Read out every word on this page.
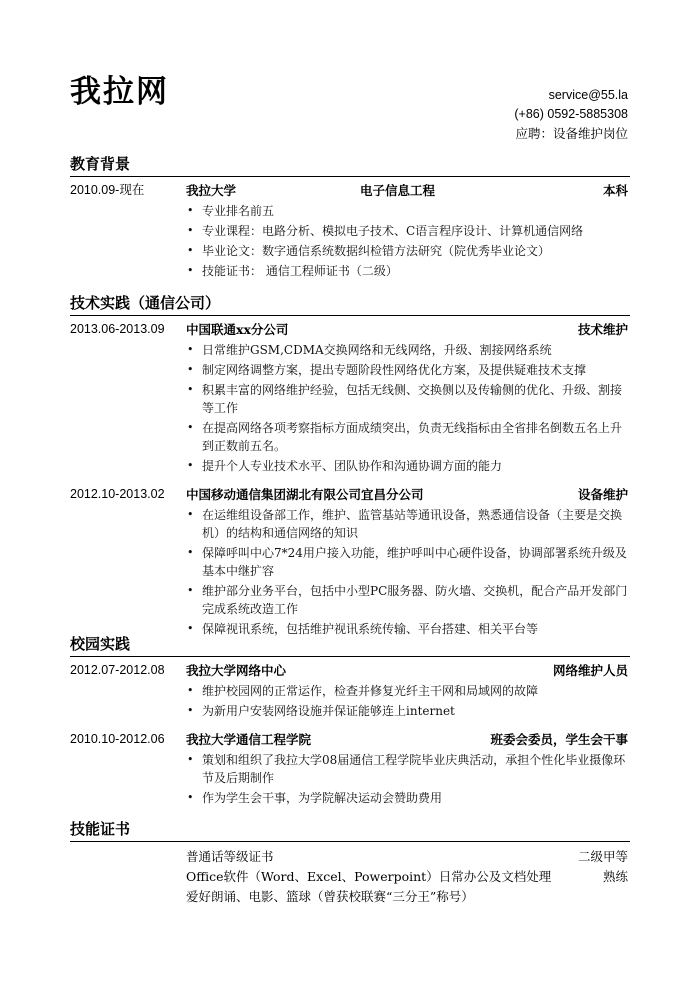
我拉网	service@55.la
(+86) 0592-5885308
应聘：设备维护岗位
教育背景
2010.09-现在	我拉大学	电子信息工程	本科
• 专业排名前五
• 专业课程：电路分析、模拟电子技术、C语言程序设计、计算机通信网络
• 毕业论文：数字通信系统数据纠检错方法研究（院优秀毕业论文）
• 技能证书： 通信工程师证书（二级）
技术实践（通信公司）
2013.06-2013.09 中国联通xx分公司	技术维护
• 日常维护GSM,CDMA交换网络和无线网络，升级、割接网络系统
• 制定网络调整方案，提出专题阶段性网络优化方案，及提供疑难技术支撑
• 积累丰富的网络维护经验，包括无线侧、交换侧以及传输侧的优化、升级、割接等工作
• 在提高网络各项考察指标方面成绩突出，负责无线指标由全省排名倒数五名上升到正数前五名。
• 提升个人专业技术水平、团队协作和沟通协调方面的能力
2012.10-2013.02 中国移动通信集团湖北有限公司宜昌分公司	设备维护
• 在运维组设备部工作，维护、监管基站等通讯设备，熟悉通信设备（主要是交换机）的结构和通信网络的知识
• 保障呼叫中心7*24用户接入功能，维护呼叫中心硬件设备，协调部署系统升级及基本中继扩容
• 维护部分业务平台，包括中小型PC服务器、防火墙、交换机，配合产品开发部门完成系统改造工作
• 保障视讯系统，包括维护视讯系统传输、平台搭建、相关平台等
校园实践
2012.07-2012.08 我拉大学网络中心	网络维护人员
• 维护校园网的正常运作，检查并修复光纤主干网和局域网的故障
• 为新用户安装网络设施并保证能够连上internet
2010.10-2012.06 我拉大学通信工程学院	班委会委员，学生会干事
• 策划和组织了我拉大学08届通信工程学院毕业庆典活动，承担个性化毕业摄像环节及后期制作
• 作为学生会干事，为学院解决运动会赞助费用
技能证书
普通话等级证书	二级甲等
Office软件（Word、Excel、Powerpoint）日常办公及文档处理	熟练
爱好朗诵、电影、篮球（曾获校联赛“三分王”称号）
